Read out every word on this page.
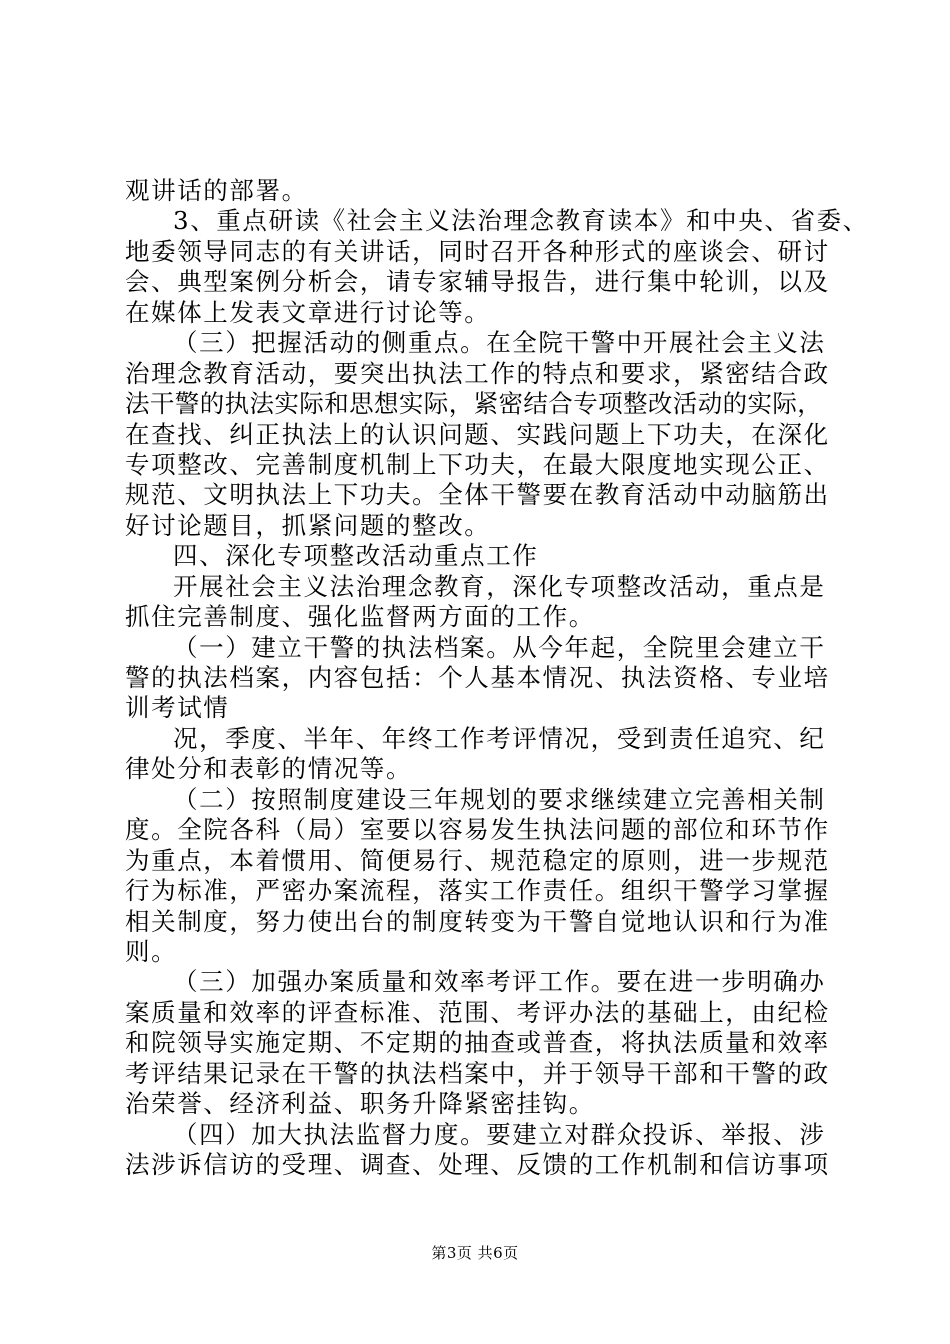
观讲话的部署。
3、重点研读《社会主义法治理念教育读本》和中央、省委、
地委领导同志的有关讲话，同时召开各种形式的座谈会、研讨
会、典型案例分析会，请专家辅导报告，进行集中轮训，以及
在媒体上发表文章进行讨论等。
（三）把握活动的侧重点。在全院干警中开展社会主义法
治理念教育活动，要突出执法工作的特点和要求，紧密结合政
法干警的执法实际和思想实际，紧密结合专项整改活动的实际，
在查找、纠正执法上的认识问题、实践问题上下功夫，在深化
专项整改、完善制度机制上下功夫，在最大限度地实现公正、
规范、文明执法上下功夫。全体干警要在教育活动中动脑筋出
好讨论题目，抓紧问题的整改。
四、深化专项整改活动重点工作
开展社会主义法治理念教育，深化专项整改活动，重点是
抓住完善制度、强化监督两方面的工作。
（一）建立干警的执法档案。从今年起，全院里会建立干
警的执法档案，内容包括：个人基本情况、执法资格、专业培
训考试情
况，季度、半年、年终工作考评情况，受到责任追究、纪
律处分和表彰的情况等。
（二）按照制度建设三年规划的要求继续建立完善相关制
度。全院各科（局）室要以容易发生执法问题的部位和环节作
为重点，本着惯用、简便易行、规范稳定的原则，进一步规范
行为标准，严密办案流程，落实工作责任。组织干警学习掌握
相关制度，努力使出台的制度转变为干警自觉地认识和行为准
则。
（三）加强办案质量和效率考评工作。要在进一步明确办
案质量和效率的评查标准、范围、考评办法的基础上，由纪检
和院领导实施定期、不定期的抽查或普查，将执法质量和效率
考评结果记录在干警的执法档案中，并于领导干部和干警的政
治荣誉、经济利益、职务升降紧密挂钩。
（四）加大执法监督力度。要建立对群众投诉、举报、涉
法涉诉信访的受理、调查、处理、反馈的工作机制和信访事项
第3页 共6页
